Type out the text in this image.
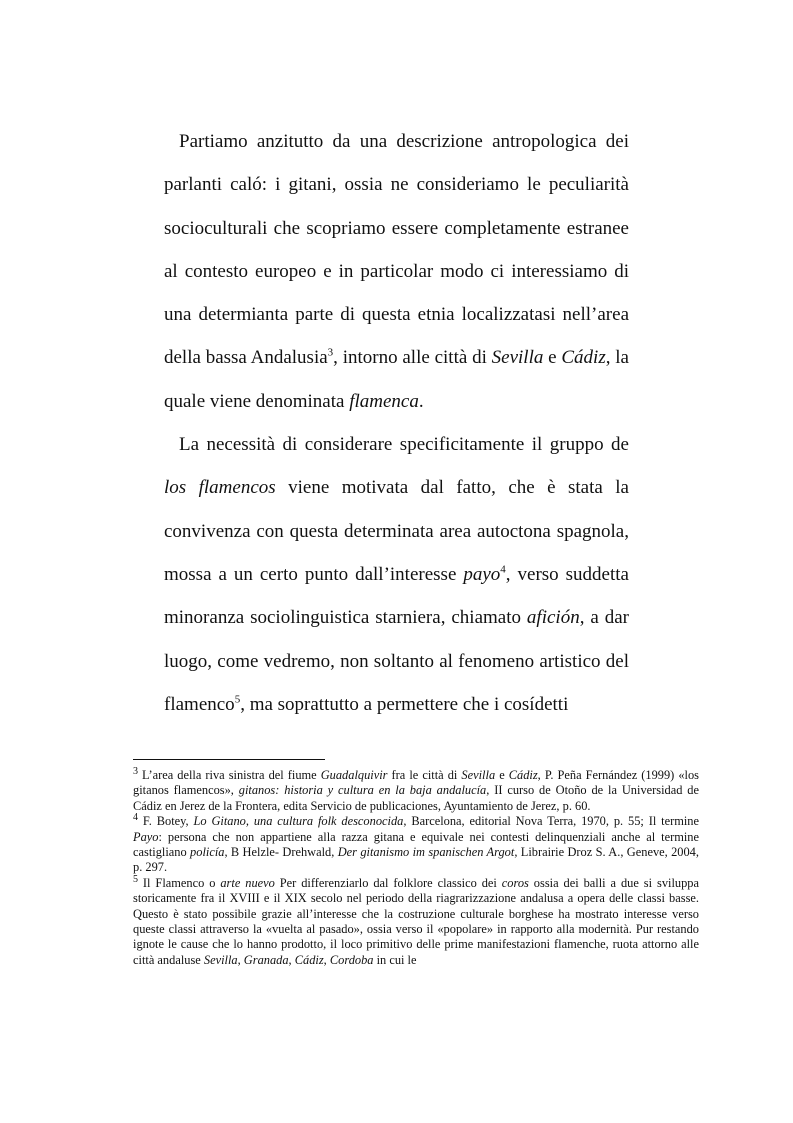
Partiamo anzitutto da una descrizione antropologica dei parlanti caló: i gitani, ossia ne consideriamo le peculiarità socioculturali che scopriamo essere completamente estranee al contesto europeo e in particolar modo ci interessiamo di una determianta parte di questa etnia localizzatasi nell’area della bassa Andalusia$^3$, intorno alle città di Sevilla e Cádiz, la quale viene denominata flamenca.

La necessità di considerare specificitamente il gruppo de los flamencos viene motivata dal fatto, che è stata la convivenza con questa determinata area autoctona spagnola, mossa a un certo punto dall’interesse payo$^4$, verso suddetta minoranza sociolinguistica starniera, chiamato afición, a dar luogo, come vedremo, non soltanto al fenomeno artistico del flamenco$^5$, ma soprattutto a permettere che i cosídetti

$^3$ L’area della riva sinistra del fiume Guadalquivir fra le città di Sevilla e Cádiz, P. Peña Fernández (1999) «los gitanos flamencos», gitanos: historia y cultura en la baja andalucía, II curso de Otoño de la Universidad de Cádiz en Jerez de la Frontera, edita Servicio de publicaciones, Ayuntamiento de Jerez, p. 60.

$^4$ F. Botey, Lo Gitano, una cultura folk desconocida, Barcelona, editorial Nova Terra, 1970, p. 55; Il termine Payo: persona che non appartiene alla razza gitana e equivale nei contesti delinquenziali anche al termine castigliano policía, B Helzle- Drehwald, Der gitanismo im spanischen Argot, Librairie Droz S. A., Geneve, 2004, p. 297.

$^5$ Il Flamenco o arte nuevo Per differenziarlo dal folklore classico dei coros ossia dei balli a due si sviluppa storicamente fra il XVIII e il XIX secolo nel periodo della riagrarizzazione andalusa a opera delle classi basse. Questo è stato possibile grazie all’interesse che la costruzione culturale borghese ha mostrato interesse verso queste classi attraverso la «vuelta al pasado», ossia verso il «popolare» in rapporto alla modernità. Pur restando ignote le cause che lo hanno prodotto, il loco primitivo delle prime manifestazioni flamenche, ruota attorno alle città andaluse Sevilla, Granada, Cádiz, Cordoba in cui le
